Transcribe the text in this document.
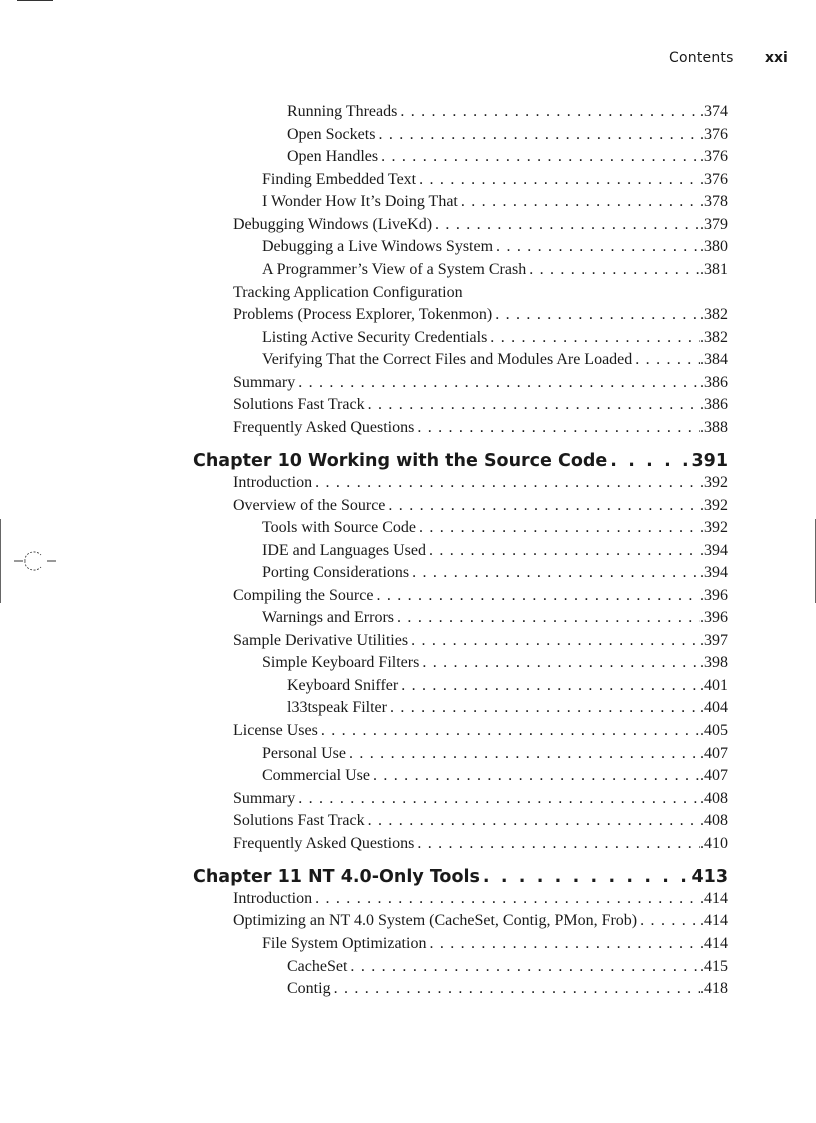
Contents xxi
Running Threads . . .	.374
Open Sockets . . .	.376
Open Handles . . .	.376
Finding Embedded Text . . .	.376
I Wonder How It’s Doing That . . .	.378
Debugging Windows (LiveKd) . . .	.379
Debugging a Live Windows System . . .	.380
A Programmer’s View of a System Crash . . .	.381
Tracking Application Configuration
Problems (Process Explorer, Tokenmon) . . .	.382
Listing Active Security Credentials . . .	.382
Verifying That the Correct Files and Modules Are Loaded . . .	.384
Summary . . .	.386
Solutions Fast Track . . .	.386
Frequently Asked Questions . . .	.388
Chapter 10 Working with the Source Code . . .	391
Introduction . . .	.392
Overview of the Source . . .	.392
Tools with Source Code . . .	.392
IDE and Languages Used . . .	.394
Porting Considerations . . .	.394
Compiling the Source . . .	.396
Warnings and Errors . . .	.396
Sample Derivative Utilities . . .	.397
Simple Keyboard Filters . . .	.398
Keyboard Sniffer . . .	.401
l33tspeak Filter . . .	.404
License Uses . . .	.405
Personal Use . . .	.407
Commercial Use . . .	.407
Summary . . .	.408
Solutions Fast Track . . .	.408
Frequently Asked Questions . . .	.410
Chapter 11 NT 4.0-Only Tools . . .	413
Introduction . . .	.414
Optimizing an NT 4.0 System (CacheSet, Contig, PMon, Frob) . . .	.414
File System Optimization . . .	.414
CacheSet . . .	.415
Contig . . .	.418
